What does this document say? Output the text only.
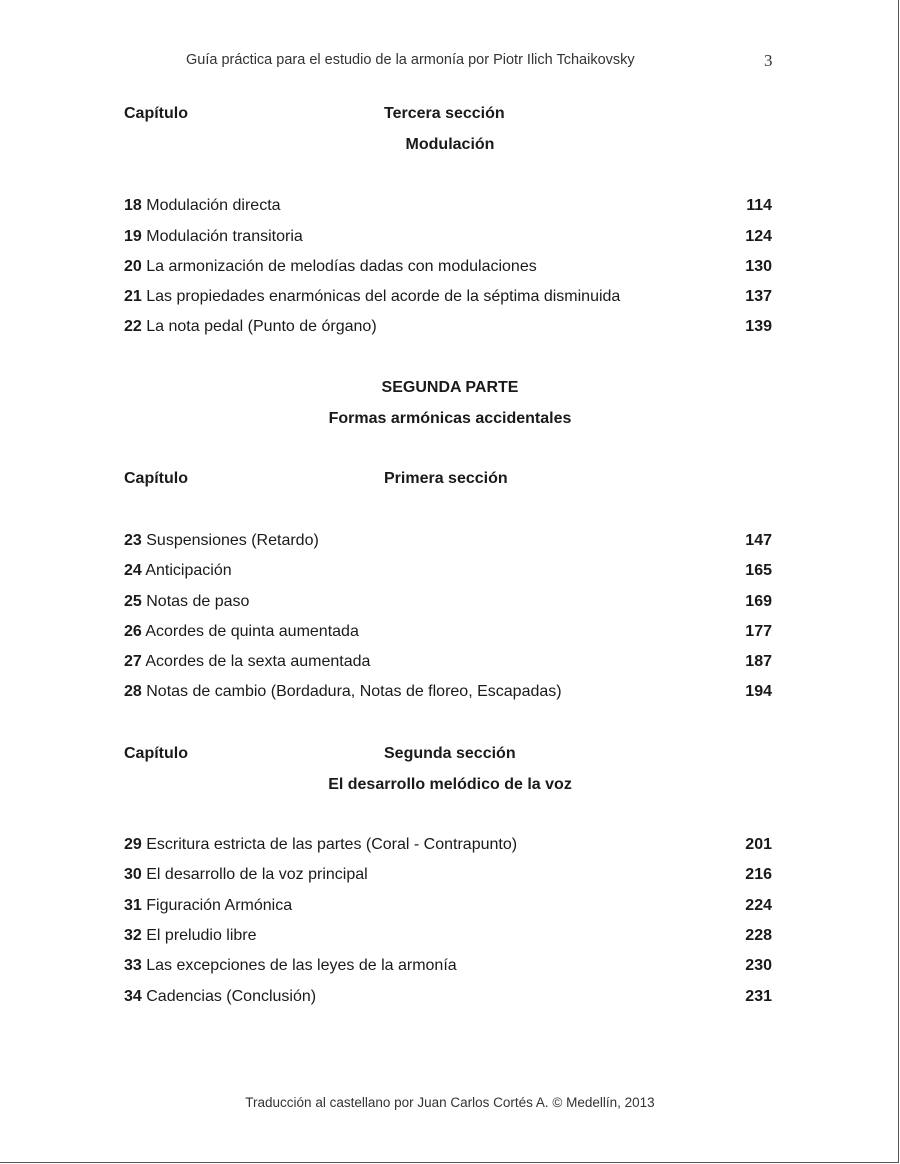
Guía práctica para el estudio de la armonía por Piotr Ilich Tchaikovsky	3
Capítulo	Tercera sección
Modulación
18 Modulación directa	114
19 Modulación transitoria	124
20 La armonización de melodías dadas con modulaciones	130
21 Las propiedades enarmónicas del acorde de la séptima disminuida	137
22 La nota pedal (Punto de órgano)	139
SEGUNDA PARTE
Formas armónicas accidentales
Capítulo	Primera sección
23 Suspensiones (Retardo)	147
24 Anticipación	165
25 Notas de paso	169
26 Acordes de quinta aumentada	177
27 Acordes de la sexta aumentada	187
28 Notas de cambio (Bordadura, Notas de floreo, Escapadas)	194
Capítulo	Segunda sección
El desarrollo melódico de la voz
29 Escritura estricta de las partes (Coral - Contrapunto)	201
30 El desarrollo de la voz principal	216
31 Figuración Armónica	224
32 El preludio libre	228
33 Las excepciones de las leyes de la armonía	230
34 Cadencias (Conclusión)	231
Traducción al castellano por Juan Carlos Cortés A. © Medellín, 2013
